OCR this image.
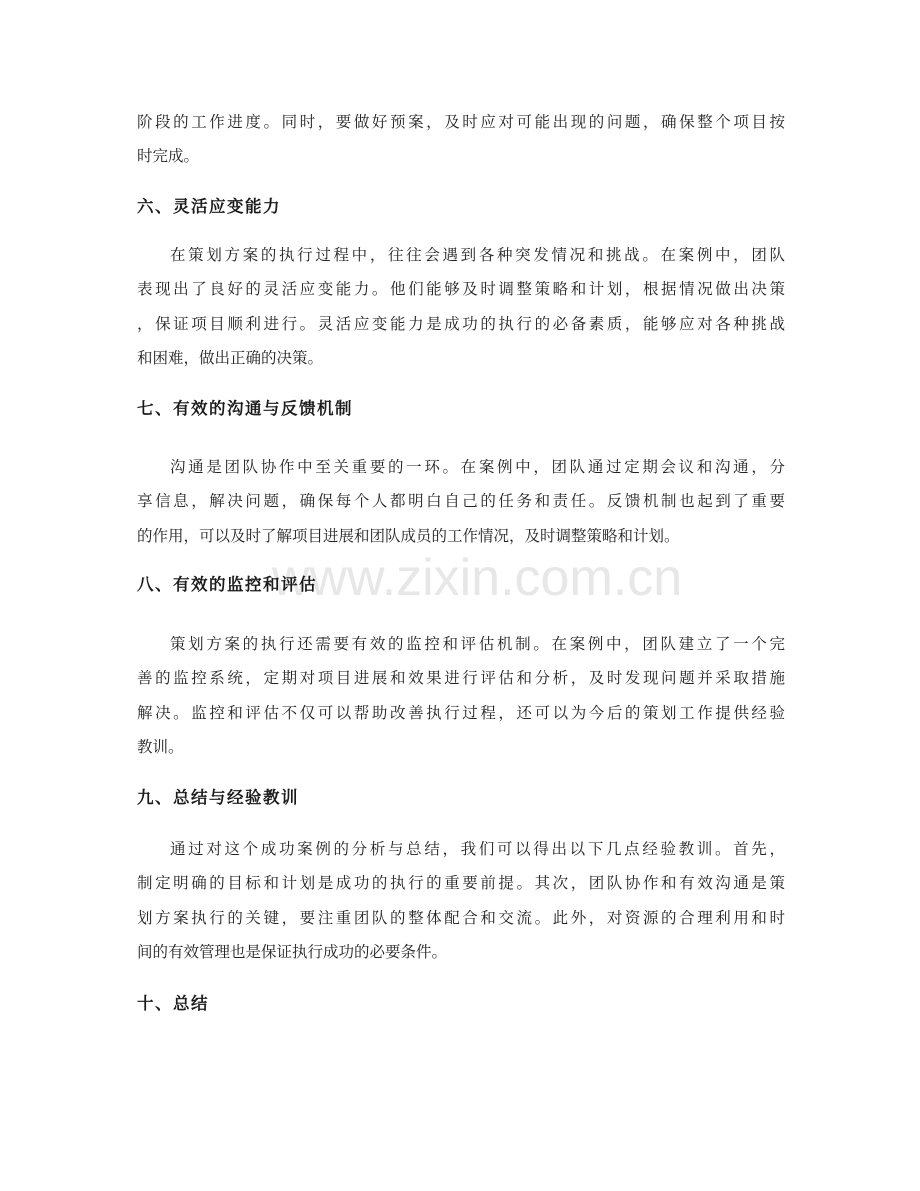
www.zixin.com.cn
阶段的工作进度。同时，要做好预案，及时应对可能出现的问题，确保整个项目按
时完成。
六、灵活应变能力
在策划方案的执行过程中，往往会遇到各种突发情况和挑战。在案例中，团队
表现出了良好的灵活应变能力。他们能够及时调整策略和计划，根据情况做出决策
，保证项目顺利进行。灵活应变能力是成功的执行的必备素质，能够应对各种挑战
和困难，做出正确的决策。
七、有效的沟通与反馈机制
沟通是团队协作中至关重要的一环。在案例中，团队通过定期会议和沟通，分
享信息，解决问题，确保每个人都明白自己的任务和责任。反馈机制也起到了重要
的作用，可以及时了解项目进展和团队成员的工作情况，及时调整策略和计划。
八、有效的监控和评估
策划方案的执行还需要有效的监控和评估机制。在案例中，团队建立了一个完
善的监控系统，定期对项目进展和效果进行评估和分析，及时发现问题并采取措施
解决。监控和评估不仅可以帮助改善执行过程，还可以为今后的策划工作提供经验
教训。
九、总结与经验教训
通过对这个成功案例的分析与总结，我们可以得出以下几点经验教训。首先，
制定明确的目标和计划是成功的执行的重要前提。其次，团队协作和有效沟通是策
划方案执行的关键，要注重团队的整体配合和交流。此外，对资源的合理利用和时
间的有效管理也是保证执行成功的必要条件。
十、总结
